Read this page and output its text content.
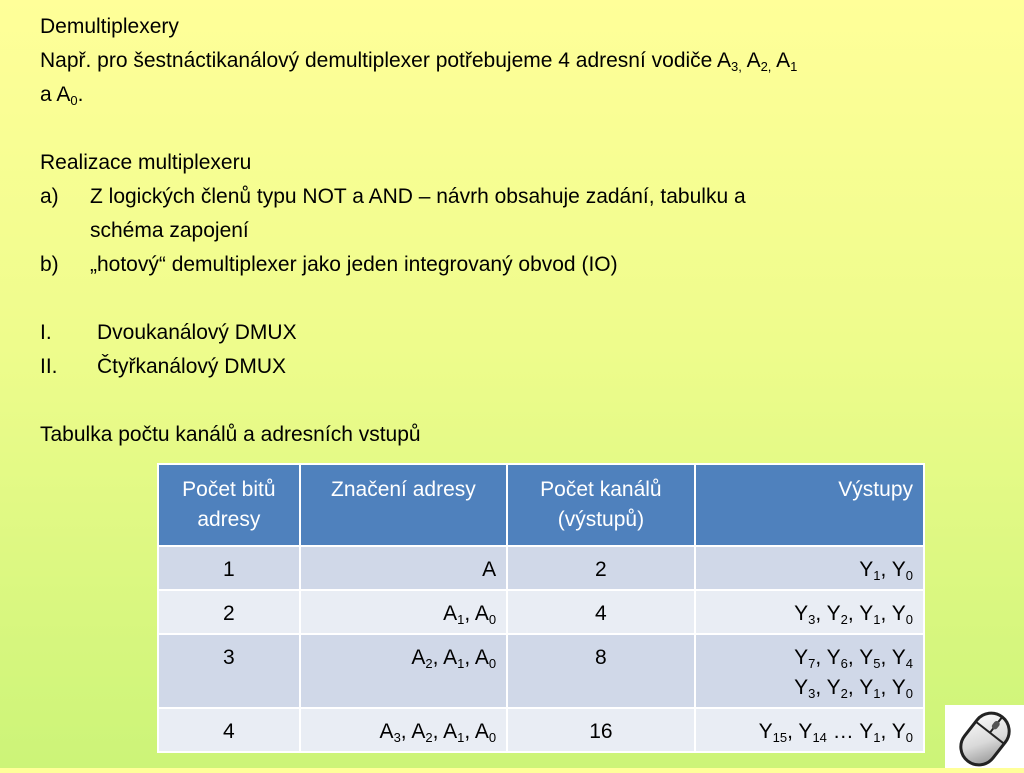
Demultiplexery
Např. pro šestnáctikanálový demultiplexer potřebujeme 4 adresní vodiče $A_{3,}$ $A_{2,}$ $A_1$
a $A_0$.
Realizace multiplexeru
a)	Z logických členů typu NOT a AND – návrh obsahuje zadání, tabulku a
schéma zapojení
b)	„hotový“ demultiplexer jako jeden integrovaný obvod (IO)
I.	Dvoukanálový DMUX
II.	Čtyřkanálový DMUX
Tabulka počtu kanálů a adresních vstupů
Počet bitů adresy	Značení adresy	Počet kanálů (výstupů)	Výstupy
1	A	2	$Y_1$, $Y_0$
2	$A_1$, $A_0$	4	$Y_3$, $Y_2$, $Y_1$, $Y_0$
3	$A_2$, $A_1$, $A_0$	8	$Y_7$, $Y_6$, $Y_5$, $Y_4$
$Y_3$, $Y_2$, $Y_1$, $Y_0$
4	$A_3$, $A_2$, $A_1$, $A_0$	16	$Y_{15}$, $Y_{14}$ … $Y_1$, $Y_0$
